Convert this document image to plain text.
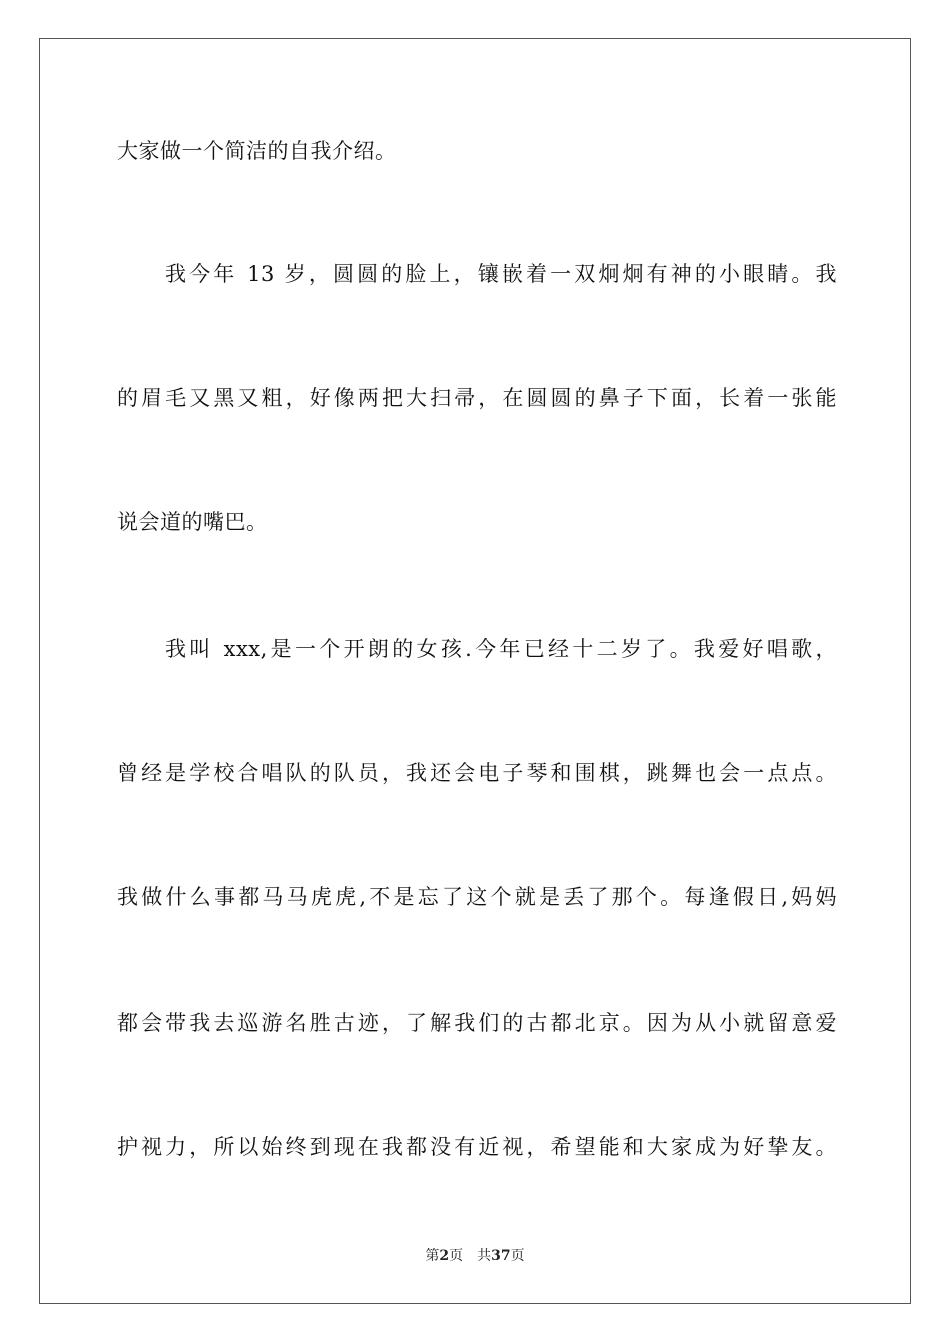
大家做一个简洁的自我介绍。
我今年 13 岁，圆圆的脸上，镶嵌着一双炯炯有神的小眼睛。我
的眉毛又黑又粗，好像两把大扫帚，在圆圆的鼻子下面，长着一张能
说会道的嘴巴。
我叫 xxx,是一个开朗的女孩.今年已经十二岁了。我爱好唱歌，
曾经是学校合唱队的队员，我还会电子琴和围棋，跳舞也会一点点。
我做什么事都马马虎虎,不是忘了这个就是丢了那个。每逢假日,妈妈
都会带我去巡游名胜古迹，了解我们的古都北京。因为从小就留意爱
护视力，所以始终到现在我都没有近视，希望能和大家成为好挚友。
第2页 共37页
